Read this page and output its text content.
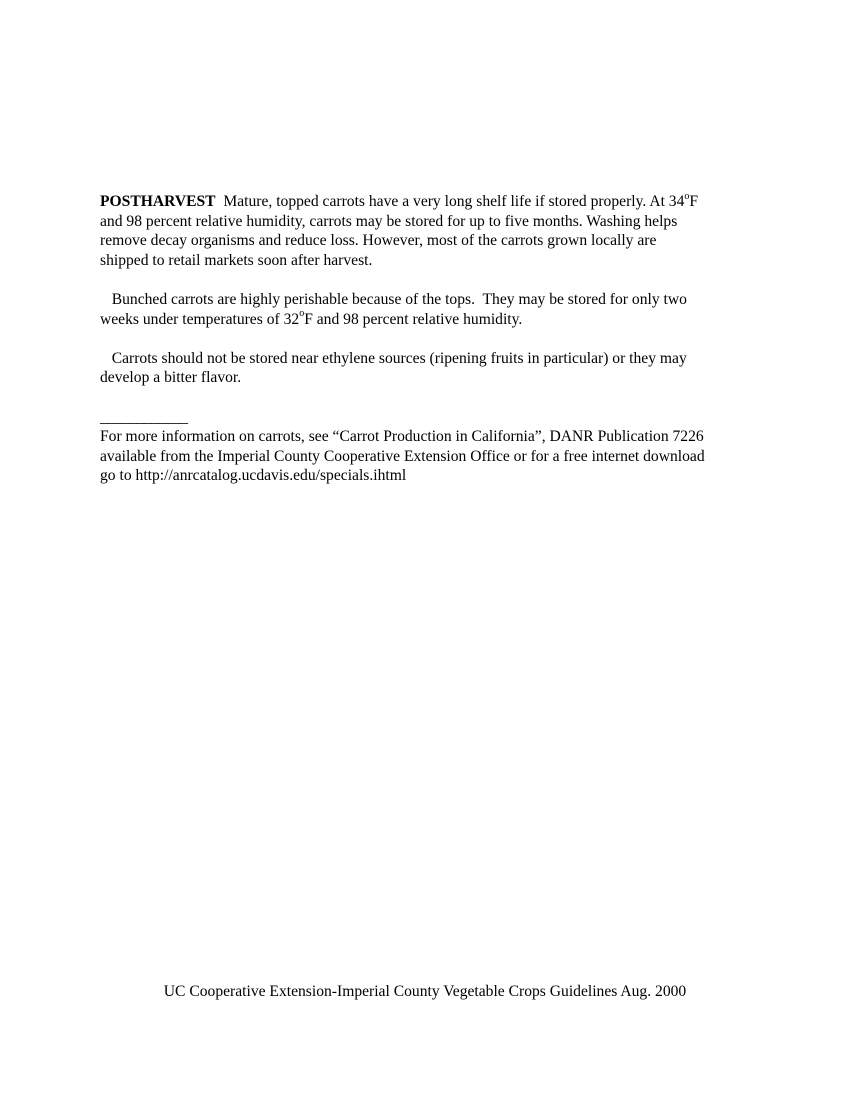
POSTHARVEST Mature, topped carrots have a very long shelf life if stored properly. At 34$^o$F
and 98 percent relative humidity, carrots may be stored for up to five months. Washing helps
remove decay organisms and reduce loss. However, most of the carrots grown locally are
shipped to retail markets soon after harvest.
Bunched carrots are highly perishable because of the tops.  They may be stored for only two
weeks under temperatures of 32$^o$F and 98 percent relative humidity.
Carrots should not be stored near ethylene sources (ripening fruits in particular) or they may
develop a bitter flavor.
____________
For more information on carrots, see “Carrot Production in California”, DANR Publication 7226
available from the Imperial County Cooperative Extension Office or for a free internet download
go to http://anrcatalog.ucdavis.edu/specials.ihtml
UC Cooperative Extension-Imperial County Vegetable Crops Guidelines Aug. 2000
